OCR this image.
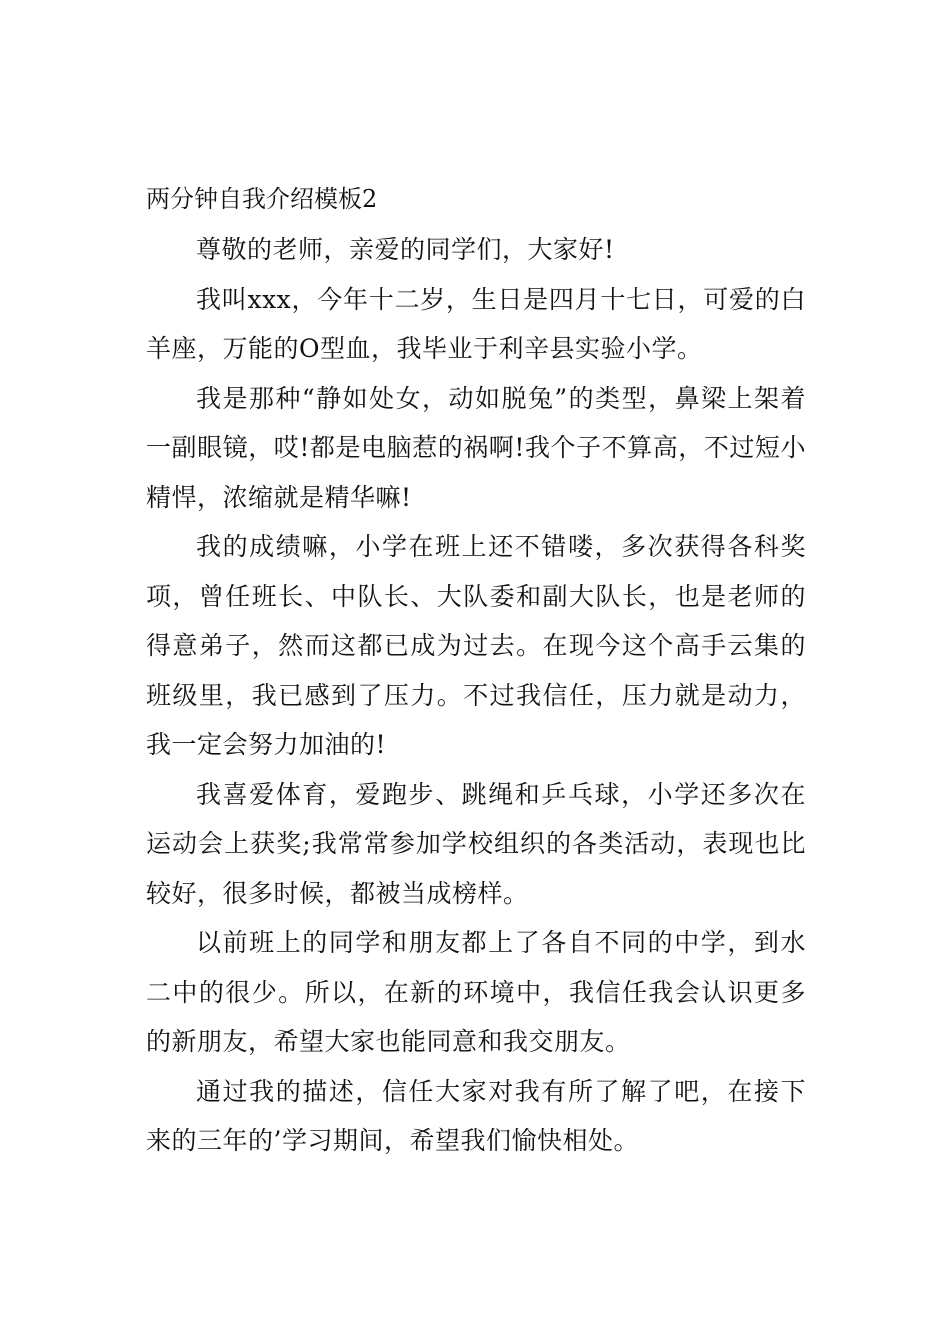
两分钟自我介绍模板2

尊敬的老师，亲爱的同学们，大家好!

我叫xxx，今年十二岁，生日是四月十七日，可爱的白羊座，万能的O型血，我毕业于利辛县实验小学。

我是那种“静如处女，动如脱兔”的类型，鼻梁上架着一副眼镜，哎!都是电脑惹的祸啊!我个子不算高，不过短小精悍，浓缩就是精华嘛!

我的成绩嘛，小学在班上还不错喽，多次获得各科奖项，曾任班长、中队长、大队委和副大队长，也是老师的得意弟子，然而这都已成为过去。在现今这个高手云集的班级里，我已感到了压力。不过我信任，压力就是动力，我一定会努力加油的!

我喜爱体育，爱跑步、跳绳和乒乓球，小学还多次在运动会上获奖;我常常参加学校组织的各类活动，表现也比较好，很多时候，都被当成榜样。

以前班上的同学和朋友都上了各自不同的中学，到水二中的很少。所以，在新的环境中，我信任我会认识更多的新朋友，希望大家也能同意和我交朋友。

通过我的描述，信任大家对我有所了解了吧，在接下来的三年的’学习期间，希望我们愉快相处。
